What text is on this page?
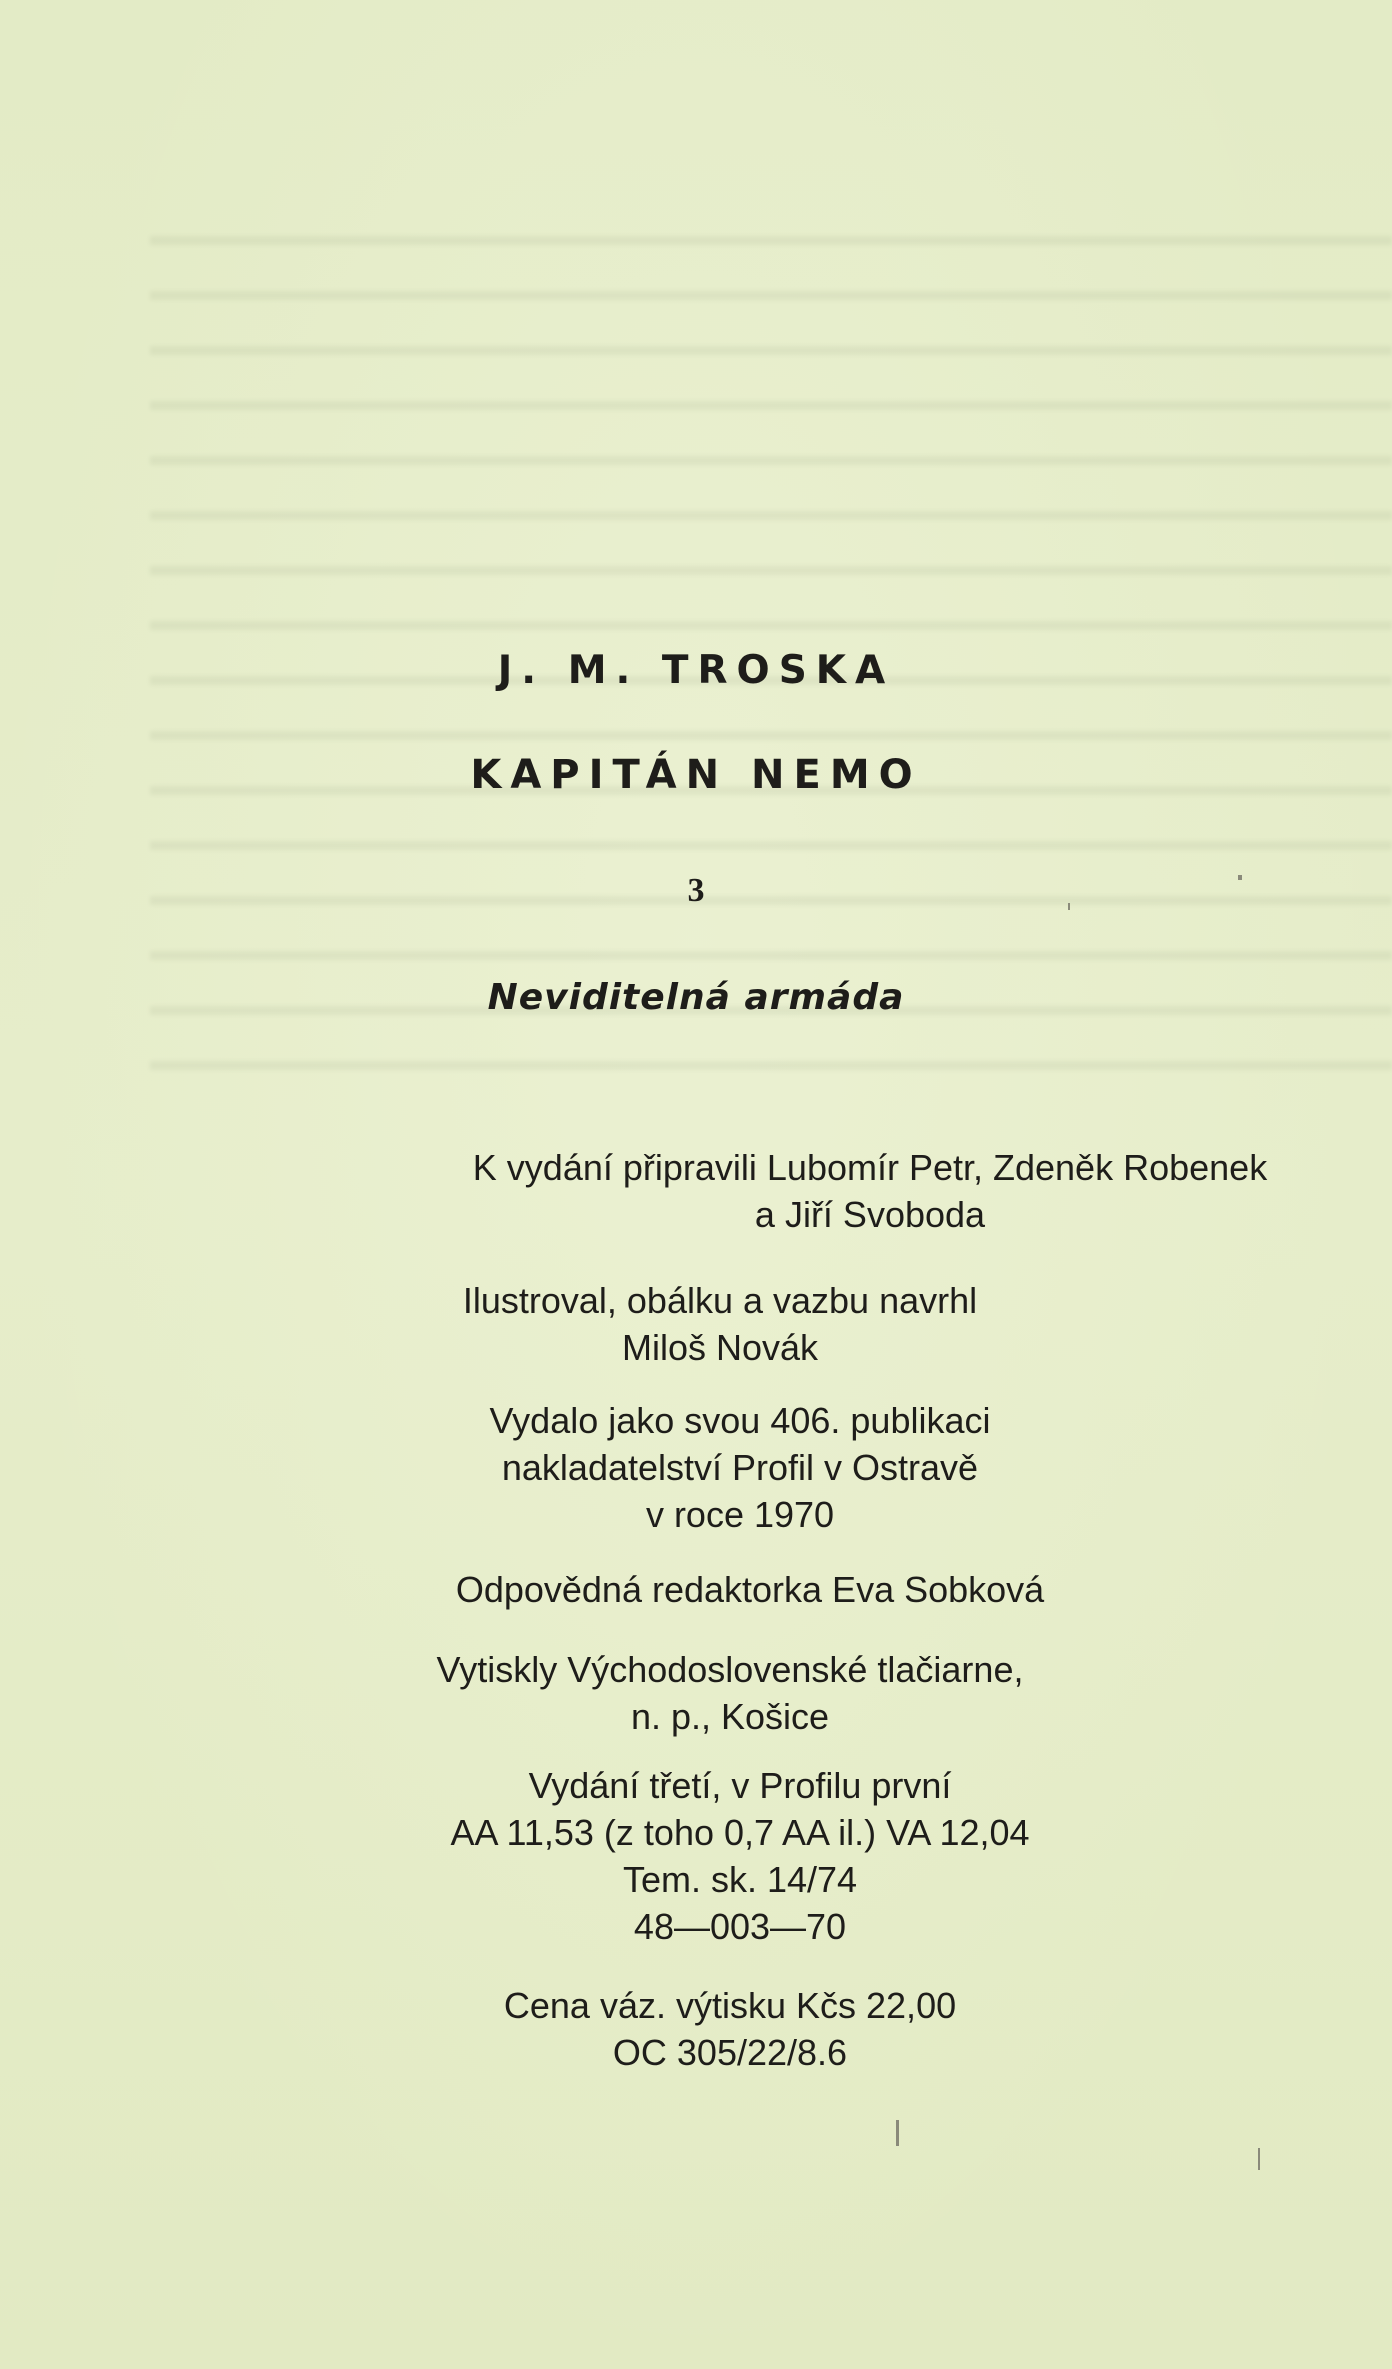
J. M. TROSKA
KAPITÁN NEMO
3
Neviditelná armáda
K vydání připravili Lubomír Petr, Zdeněk Robenek
a Jiří Svoboda
Ilustroval, obálku a vazbu navrhl
Miloš Novák
Vydalo jako svou 406. publikaci
nakladatelství Profil v Ostravě
v roce 1970
Odpovědná redaktorka Eva Sobková
Vytiskly Východoslovenské tlačiarne,
n. p., Košice
Vydání třetí, v Profilu první
AA 11,53 (z toho 0,7 AA il.) VA 12,04
Tem. sk. 14/74
48—003—70
Cena váz. výtisku Kčs 22,00
OC 305/22/8.6
